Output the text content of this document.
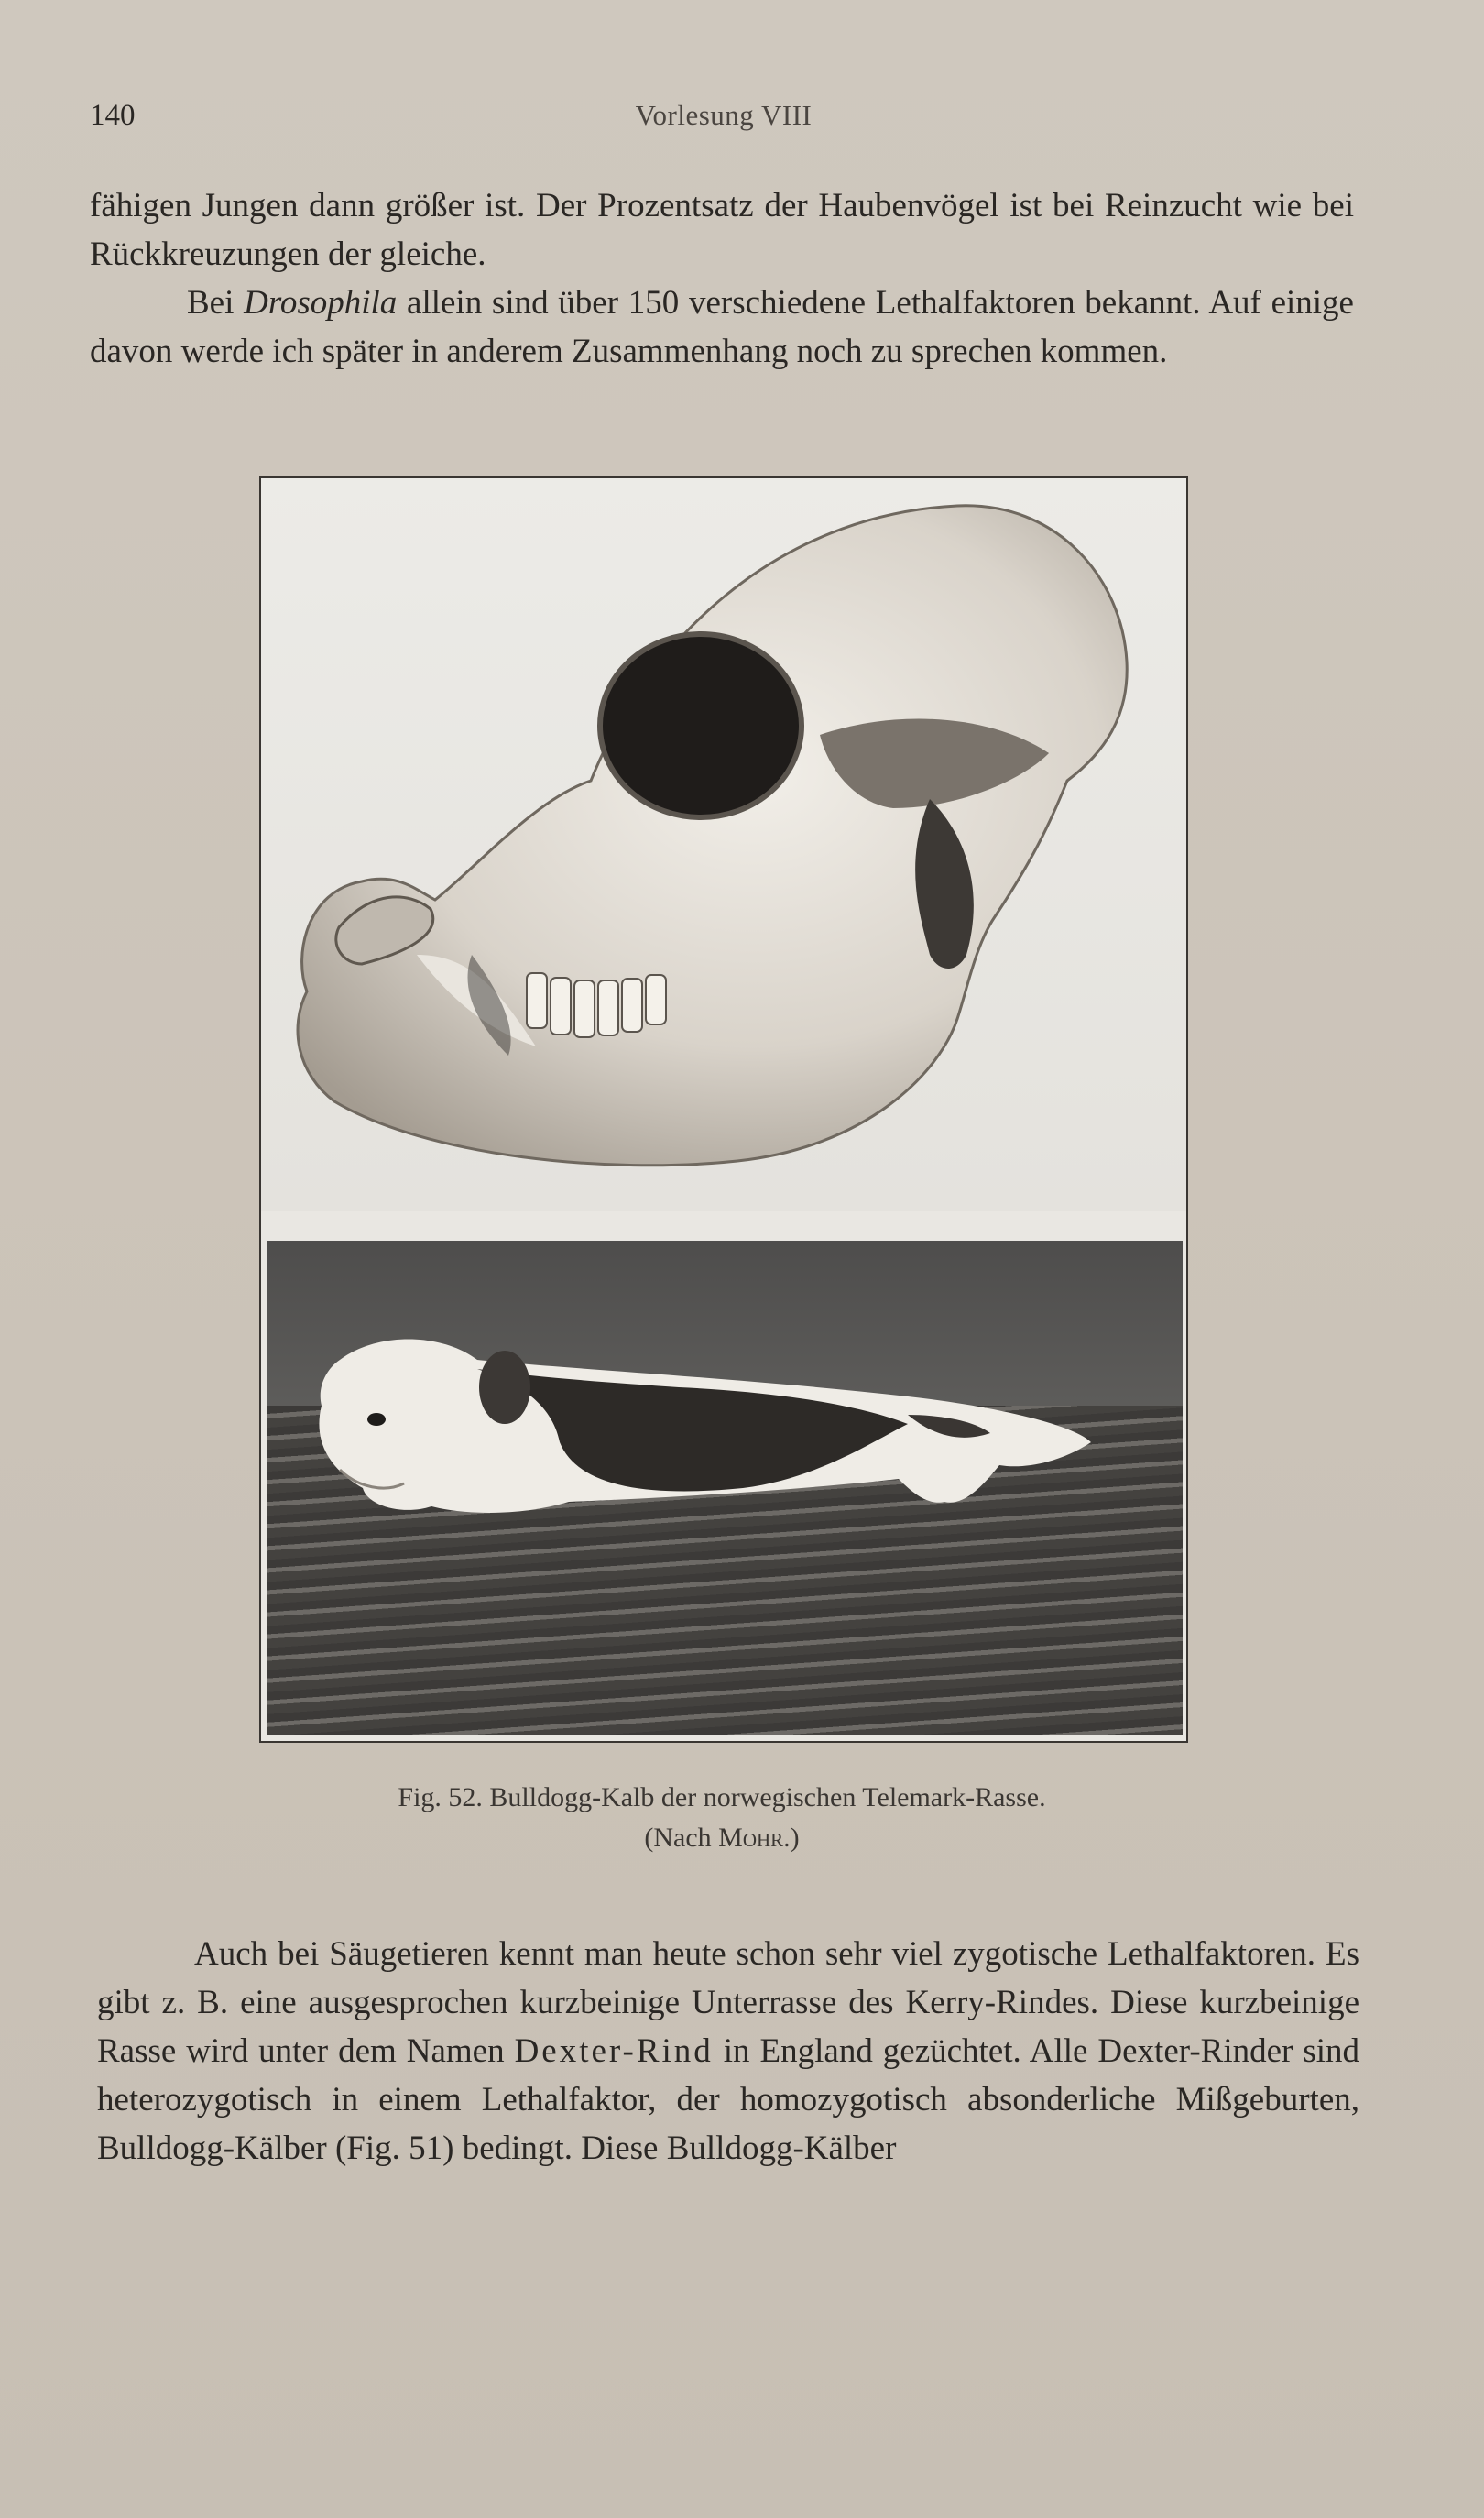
140	Vorlesung VIII

fähigen Jungen dann größer ist. Der Prozentsatz der Haubenvögel ist bei Reinzucht wie bei Rückkreuzungen der gleiche.

Bei Drosophila allein sind über 150 verschiedene Lethalfaktoren bekannt. Auf einige davon werde ich später in anderem Zusammenhang noch zu sprechen kommen.

Fig. 52. Bulldogg-Kalb der norwegischen Telemark-Rasse.
(Nach Mohr.)

Auch bei Säugetieren kennt man heute schon sehr viel zygotische Lethalfaktoren. Es gibt z. B. eine ausgesprochen kurzbeinige Unterrasse des Kerry-Rindes. Diese kurzbeinige Rasse wird unter dem Namen Dexter-Rind in England gezüchtet. Alle Dexter-Rinder sind heterozygotisch in einem Lethalfaktor, der homozygotisch absonderliche Mißgeburten, Bulldogg-Kälber (Fig. 51) bedingt. Diese Bulldogg-Kälber
